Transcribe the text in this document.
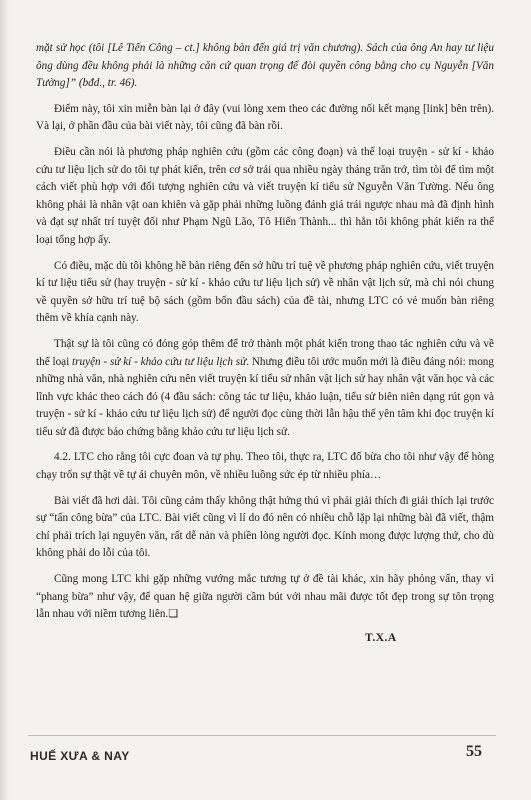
mặt sử học (tôi [Lê Tiến Công – ct.] không bàn đến giá trị văn chương). Sách của ông An hay tư liệu ông dùng đều không phải là những căn cứ quan trọng để đòi quyền công bằng cho cụ Nguyễn [Văn Tường]” (bđd., tr. 46).

Điểm này, tôi xin miễn bàn lại ở đây (vui lòng xem theo các đường nối kết mạng [link] bên trên). Và lại, ở phần đầu của bài viết này, tôi cũng đã bàn rồi.

Điều cần nói là phương pháp nghiên cứu (gồm các công đoạn) và thể loại truyện - sử kí - khảo cứu tư liệu lịch sử do tôi tự phát kiến, trên cơ sở trải qua nhiều ngày tháng trăn trở, tìm tòi để tìm một cách viết phù hợp với đối tượng nghiên cứu và viết truyện kí tiểu sử Nguyễn Văn Tường. Nếu ông không phải là nhân vật oan khiên và gặp phải những luồng đánh giá trái ngược nhau mà đã định hình và đạt sự nhất trí tuyệt đối như Phạm Ngũ Lão, Tô Hiến Thành... thì hẳn tôi không phát kiến ra thể loại tổng hợp ấy.

Có điều, mặc dù tôi không hề bàn riêng đến sở hữu trí tuệ về phương pháp nghiên cứu, viết truyện kí tư liệu tiểu sử (hay truyện - sử kí - khảo cứu tư liệu lịch sử) về nhân vật lịch sử, mà chỉ nói chung về quyền sở hữu trí tuệ bộ sách (gồm bốn đầu sách) của đề tài, nhưng LTC có vẻ muốn bàn riêng thêm về khía cạnh này.

Thật sự là tôi cũng có đóng góp thêm để trở thành một phát kiến trong thao tác nghiên cứu và về thể loại truyện - sử kí - khảo cứu tư liệu lịch sử. Nhưng điều tôi ước muốn mới là điều đáng nói: mong những nhà văn, nhà nghiên cứu nên viết truyện kí tiểu sử nhân vật lịch sử hay nhân vật văn học và các lĩnh vực khác theo cách đó (4 đầu sách: công tác tư liệu, khảo luận, tiểu sử biên niên dạng rút gọn và truyện - sử kí - khảo cứu tư liệu lịch sử) để người đọc cùng thời lẫn hậu thế yên tâm khi đọc truyện kí tiểu sử đã được bảo chứng bằng khảo cứu tư liệu lịch sử.

4.2. LTC cho rằng tôi cực đoan và tự phụ. Theo tôi, thực ra, LTC đổ bừa cho tôi như vậy để hòng chạy trốn sự thật về tự ái chuyên môn, về nhiều luồng sức ép từ nhiều phía…

Bài viết đã hơi dài. Tôi cũng cảm thấy không thật hứng thú vì phải giải thích đi giải thích lại trước sự “tấn công bừa” của LTC. Bài viết cũng vì lí do đó nên có nhiều chỗ lặp lại những bài đã viết, thậm chí phải trích lại nguyên văn, rất dễ nản và phiền lòng người đọc. Kính mong được lượng thứ, cho dù không phải do lỗi của tôi.

Cũng mong LTC khi gặp những vướng mắc tương tự ở đề tài khác, xin hãy phỏng vấn, thay vì “phang bừa” như vậy, để quan hệ giữa người cầm bút với nhau mãi được tốt đẹp trong sự tôn trọng lẫn nhau với niềm tương liên.❑

T.X.A
HUẾ XƯA & NAY	55
